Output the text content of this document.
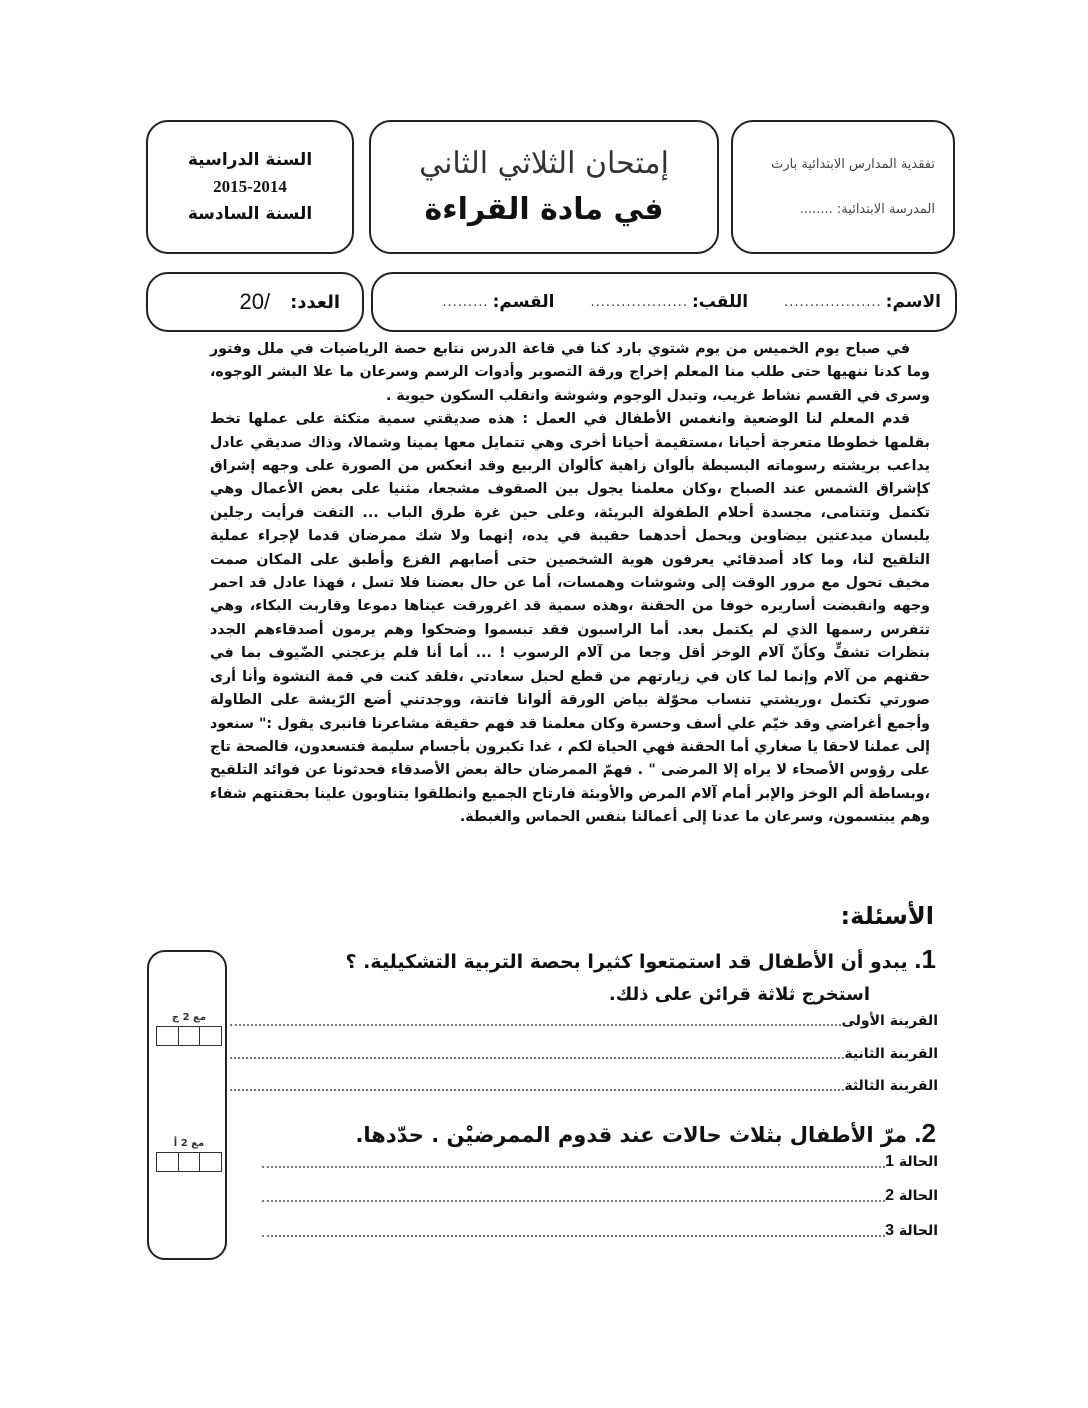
السنة الدراسية
2015-2014
السنة السادسة
إمتحان الثلاثي الثاني
في مادة القراءة
تفقدية المدارس الابتدائية بارث
المدرسة الابتدائية: ........
العدد:
20/	الاسم:
...................
اللقب:
...................
القسم:
.........

في صباح يوم الخميس من يوم شتوي بارد كنا في قاعة الدرس نتابع حصة الرياضيات في ملل وفتور وما كدنا ننهيها حتى طلب منا المعلم إخراج ورقة التصوير وأدوات الرسم وسرعان ما علا البشر الوجوه، وسرى في القسم نشاط غريب، وتبدل الوجوم وشوشة وانقلب السكون حيوية .

قدم المعلم لنا الوضعية وانغمس الأطفال في العمل : هذه صديقتي سمية متكئة على عملها تخط بقلمها خطوطا متعرجة أحيانا ،مستقيمة أحيانا أخرى وهي تتمايل معها يمينا وشمالا، وذاك صديقي عادل يداعب بريشته رسوماته البسيطة بألوان زاهية كألوان الربيع وقد انعكس من الصورة على وجهه إشراق كإشراق الشمس عند الصباح ،وكان معلمنا يجول بين الصفوف مشجعا، مثنيا على بعض الأعمال وهي تكتمل وتتنامى، مجسدة أحلام الطفولة البريئة، وعلى حين غرة طرق الباب ... التفت فرأيت رجلين يلبسان ميدعتين بيضاوين ويحمل أحدهما حقيبة في يده، إنهما ولا شك ممرضان قدما لإجراء عملية التلقيح لنا، وما كاد أصدقائي يعرفون هوية الشخصين حتى أصابهم الفزع وأطبق على المكان صمت مخيف تحول مع مرور الوقت إلى وشوشات وهمسات، أما عن حال بعضنا فلا تسل ، فهذا عادل قد احمر وجهه وانقبضت أساريره خوفا من الحقنة ،وهذه سمية قد اغرورقت عيناها دموعا وقاربت البكاء، وهي تتفرس رسمها الذي لم يكتمل بعد. أما الراسبون فقد تبسموا وضحكوا وهم يرمون أصدقاءهم الجدد بنظرات تشفٍّ وكأنّ آلام الوخز أقل وجعا من آلام الرسوب ! ... أما أنا فلم يزعجني الضّيوف بما في حقنهم من آلام وإنما لما كان في زيارتهم من قطع لحبل سعادتي ،فلقد كنت في قمة النشوة وأنا أرى صورتي تكتمل ،وريشتي تنساب محوّلة بياض الورقة ألوانا فاتنة، ووجدتني أضع الرّيشة على الطاولة وأجمع أغراضي وقد خيّم علي أسف وحسرة وكان معلمنا قد فهم حقيقة مشاعرنا فانبرى يقول :" سنعود إلى عملنا لاحقا يا صغاري أما الحقنة فهي الحياة لكم ، غدا تكبرون بأجسام سليمة فتسعدون، فالصحة تاج على رؤوس الأصحاء لا يراه إلا المرضى " . فهمّ الممرضان حالة بعض الأصدقاء فحدثونا عن فوائد التلقيح ،وبساطة ألم الوخز والإبر أمام آلام المرض والأوبئة فارتاح الجميع وانطلقوا يتناوبون علينا بحقنتهم شفاء وهم يبتسمون، وسرعان ما عدنا إلى أعمالنا بنفس الحماس والغبطة.

الأسئلة:
1. يبدو أن الأطفال قد استمتعوا كثيرا بحصة التربية التشكيلية. ؟
استخرج ثلاثة قرائن على ذلك.
القرينة الأولى
القرينة الثانية
القرينة الثالثة
2. مرّ الأطفال بثلاث حالات عند قدوم الممرضيْن . حدّدها.
الحالة 1
الحالة 2
الحالة 3
مع 2 ج
مع 2 أ
